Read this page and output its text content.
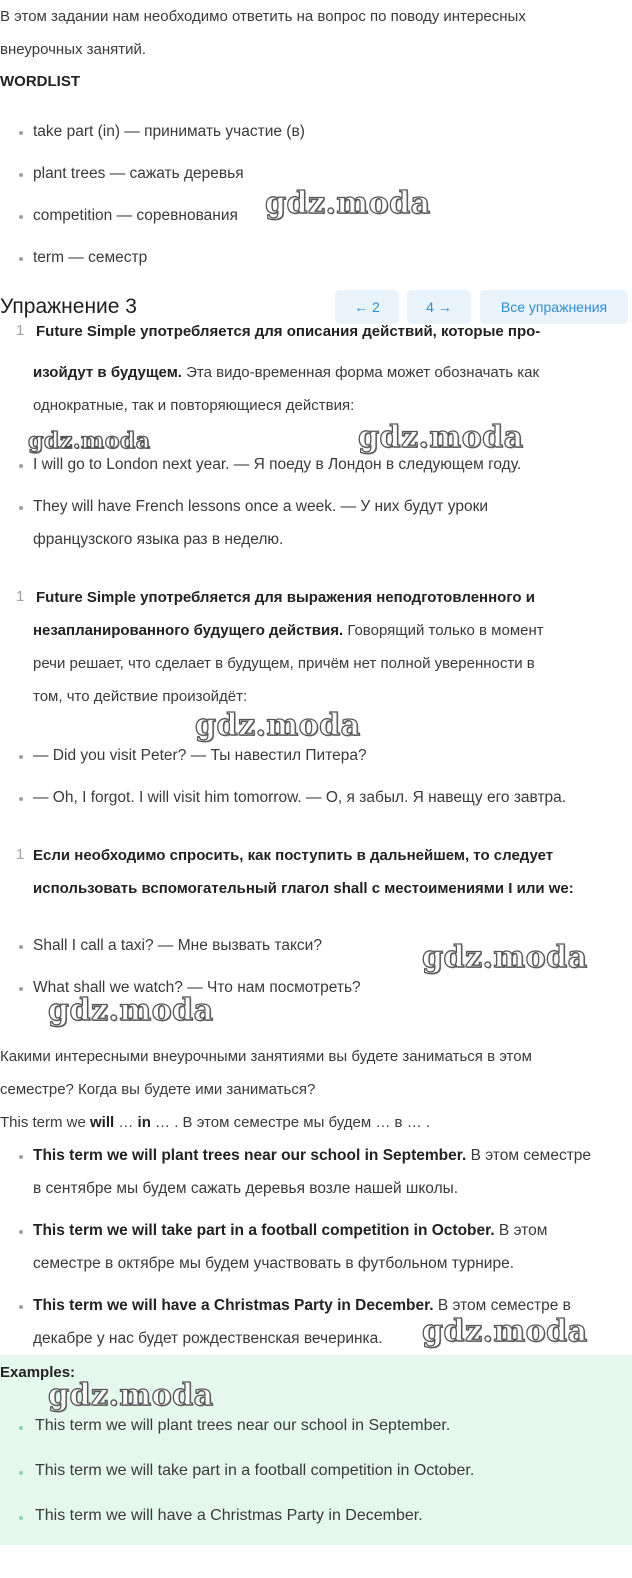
В этом задании нам необходимо ответить на вопрос по поводу интересных
внеурочных занятий.
WORDLIST
take part (in) — принимать участие (в)
plant trees — сажать деревья
competition — соревнования
term — семестр
gdz.moda
Упражнение 3	← 2	4 →	Все упражнения
1 Future Simple употребляется для описания действий, которые про-
изойдут в будущем. Эта видо-временная форма может обозначать как
однократные, так и повторяющиеся действия:
gdz.moda	gdz.moda
I will go to London next year. — Я поеду в Лондон в следующем году.
They will have French lessons once a week. — У них будут уроки
французского языка раз в неделю.
1 Future Simple употребляется для выражения неподготовленного и
незапланированного будущего действия. Говорящий только в момент
речи решает, что сделает в будущем, причём нет полной уверенности в
том, что действие произойдёт:
gdz.moda
— Did you visit Peter? — Ты навестил Питера?
— Oh, I forgot. I will visit him tomorrow. — О, я забыл. Я навещу его завтра.
1 Если необходимо спросить, как поступить в дальнейшем, то следует
использовать вспомогательный глагол shall с местоимениями I или we:
Shall I call a taxi? — Мне вызвать такси?
What shall we watch? — Что нам посмотреть?
gdz.moda
gdz.moda
Какими интересными внеурочными занятиями вы будете заниматься в этом
семестре? Когда вы будете ими заниматься?
This term we will … in … . В этом семестре мы будем … в … .
This term we will plant trees near our school in September. В этом семестре
в сентябре мы будем сажать деревья возле нашей школы.
This term we will take part in a football competition in October. В этом
семестре в октябре мы будем участвовать в футбольном турнире.
This term we will have a Christmas Party in December. В этом семестре в
декабре у нас будет рождественская вечеринка.	gdz.moda
Examples:
gdz.moda
This term we will plant trees near our school in September.
This term we will take part in a football competition in October.
This term we will have a Christmas Party in December.
